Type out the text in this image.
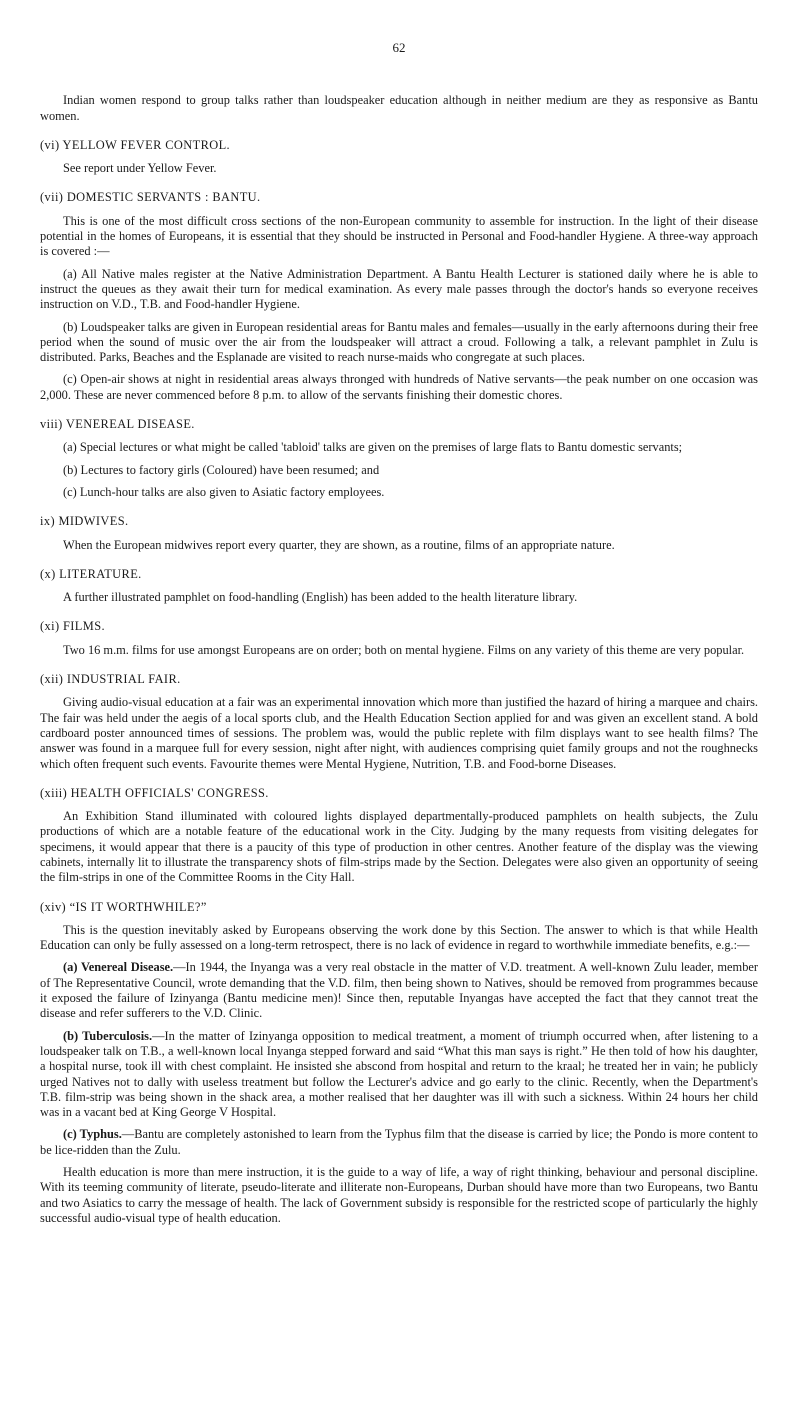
62

Indian women respond to group talks rather than loudspeaker education although in neither medium are they as responsive as Bantu women.

(vi) YELLOW FEVER CONTROL.

See report under Yellow Fever.

(vii) DOMESTIC SERVANTS : BANTU.

This is one of the most difficult cross sections of the non-European community to assemble for instruction. In the light of their disease potential in the homes of Europeans, it is essential that they should be instructed in Personal and Food-handler Hygiene. A three-way approach is covered :—

(a) All Native males register at the Native Administration Department. A Bantu Health Lecturer is stationed daily where he is able to instruct the queues as they await their turn for medical examination. As every male passes through the doctor's hands so everyone receives instruction on V.D., T.B. and Food-handler Hygiene.

(b) Loudspeaker talks are given in European residential areas for Bantu males and females—usually in the early afternoons during their free period when the sound of music over the air from the loudspeaker will attract a croud. Following a talk, a relevant pamphlet in Zulu is distributed. Parks, Beaches and the Esplanade are visited to reach nurse-maids who congregate at such places.

(c) Open-air shows at night in residential areas always thronged with hundreds of Native servants—the peak number on one occasion was 2,000. These are never commenced before 8 p.m. to allow of the servants finishing their domestic chores.

viii) VENEREAL DISEASE.

(a) Special lectures or what might be called 'tabloid' talks are given on the premises of large flats to Bantu domestic servants;

(b) Lectures to factory girls (Coloured) have been resumed; and

(c) Lunch-hour talks are also given to Asiatic factory employees.

ix) MIDWIVES.

When the European midwives report every quarter, they are shown, as a routine, films of an appropriate nature.

(x) LITERATURE.

A further illustrated pamphlet on food-handling (English) has been added to the health literature library.

(xi) FILMS.

Two 16 m.m. films for use amongst Europeans are on order; both on mental hygiene. Films on any variety of this theme are very popular.

(xii) INDUSTRIAL FAIR.

Giving audio-visual education at a fair was an experimental innovation which more than justified the hazard of hiring a marquee and chairs. The fair was held under the aegis of a local sports club, and the Health Education Section applied for and was given an excellent stand. A bold cardboard poster announced times of sessions. The problem was, would the public replete with film displays want to see health films? The answer was found in a marquee full for every session, night after night, with audiences comprising quiet family groups and not the roughnecks which often frequent such events. Favourite themes were Mental Hygiene, Nutrition, T.B. and Food-borne Diseases.

(xiii) HEALTH OFFICIALS' CONGRESS.

An Exhibition Stand illuminated with coloured lights displayed departmentally-produced pamphlets on health subjects, the Zulu productions of which are a notable feature of the educational work in the City. Judging by the many requests from visiting delegates for specimens, it would appear that there is a paucity of this type of production in other centres. Another feature of the display was the viewing cabinets, internally lit to illustrate the transparency shots of film-strips made by the Section. Delegates were also given an opportunity of seeing the film-strips in one of the Committee Rooms in the City Hall.

(xiv) “IS IT WORTHWHILE?”

This is the question inevitably asked by Europeans observing the work done by this Section. The answer to which is that while Health Education can only be fully assessed on a long-term retrospect, there is no lack of evidence in regard to worthwhile immediate benefits, e.g.:—

(a) Venereal Disease.—In 1944, the Inyanga was a very real obstacle in the matter of V.D. treatment. A well-known Zulu leader, member of The Representative Council, wrote demanding that the V.D. film, then being shown to Natives, should be removed from programmes because it exposed the failure of Izinyanga (Bantu medicine men)! Since then, reputable Inyangas have accepted the fact that they cannot treat the disease and refer sufferers to the V.D. Clinic.

(b) Tuberculosis.—In the matter of Izinyanga opposition to medical treatment, a moment of triumph occurred when, after listening to a loudspeaker talk on T.B., a well-known local Inyanga stepped forward and said “What this man says is right.” He then told of how his daughter, a hospital nurse, took ill with chest complaint. He insisted she abscond from hospital and return to the kraal; he treated her in vain; he publicly urged Natives not to dally with useless treatment but follow the Lecturer's advice and go early to the clinic. Recently, when the Department's T.B. film-strip was being shown in the shack area, a mother realised that her daughter was ill with such a sickness. Within 24 hours her child was in a vacant bed at King George V Hospital.

(c) Typhus.—Bantu are completely astonished to learn from the Typhus film that the disease is carried by lice; the Pondo is more content to be lice-ridden than the Zulu.

Health education is more than mere instruction, it is the guide to a way of life, a way of right thinking, behaviour and personal discipline. With its teeming community of literate, pseudo-literate and illiterate non-Europeans, Durban should have more than two Europeans, two Bantu and two Asiatics to carry the message of health. The lack of Government subsidy is responsible for the restricted scope of particularly the highly successful audio-visual type of health education.
